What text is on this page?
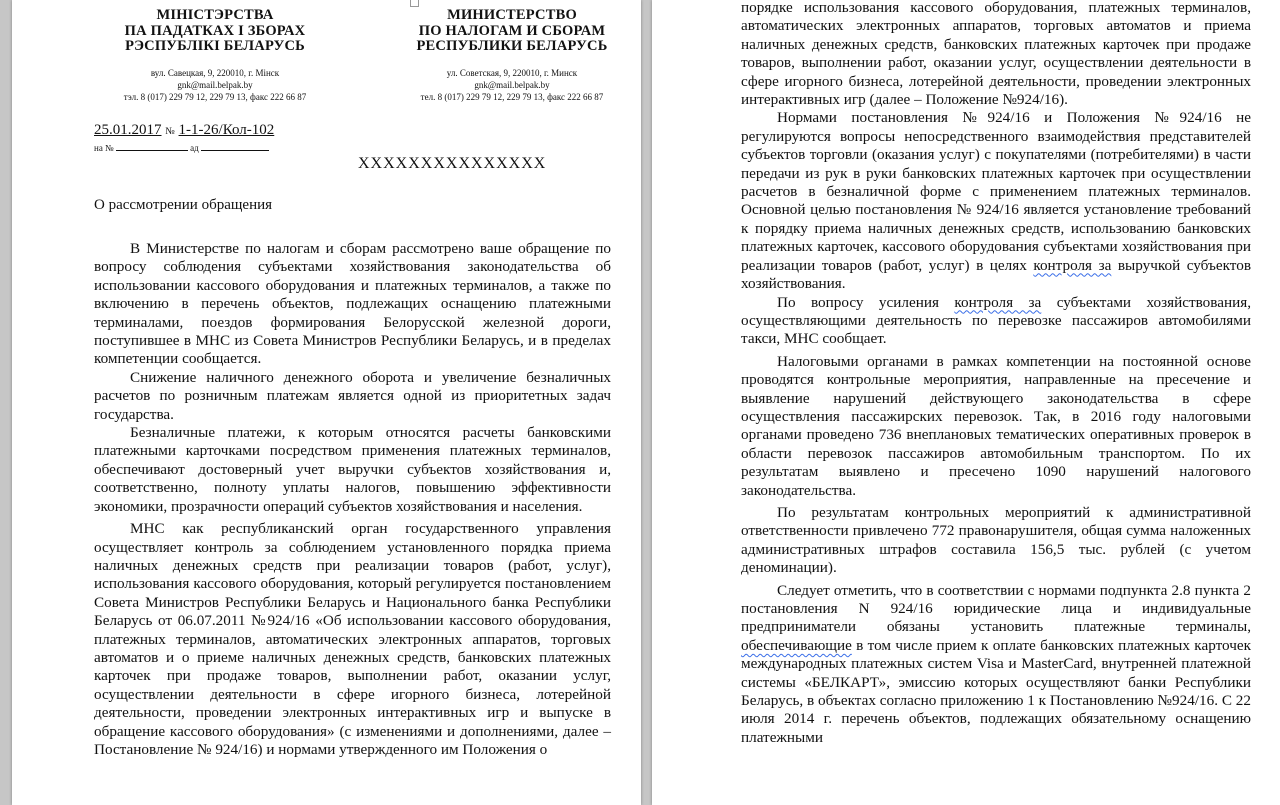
МІНІСТЭРСТВА
ПА ПАДАТКАХ І ЗБОРАХ
РЭСПУБЛІКІ БЕЛАРУСЬ
вул. Савецкая, 9, 220010, г. Мінск
gnk@mail.belpak.by
тэл. 8 (017) 229 79 12, 229 79 13, факс 222 66 87
МИНИСТЕРСТВО
ПО НАЛОГАМ И СБОРАМ
РЕСПУБЛИКИ БЕЛАРУСЬ
ул. Советская, 9, 220010, г. Минск
gnk@mail.belpak.by
тел. 8 (017) 229 79 12, 229 79 13, факс 222 66 87
25.01.2017 № 1-1-26/Кол-102
на №	ад
ХХХХХХХХХХХХХХХ
О рассмотрении обращения

В Министерстве по налогам и сборам рассмотрено ваше обращение по вопросу соблюдения субъектами хозяйствования законодательства об использовании кассового оборудования и платежных терминалов, а также по включению в перечень объектов, подлежащих оснащению платежными терминалами, поездов формирования Белорусской железной дороги, поступившее в МНС из Совета Министров Республики Беларусь, и в пределах компетенции сообщается.

Снижение наличного денежного оборота и увеличение безналичных расчетов по розничным платежам является одной из приоритетных задач государства.

Безналичные платежи, к которым относятся расчеты банковскими платежными карточками посредством применения платежных терминалов, обеспечивают достоверный учет выручки субъектов хозяйствования и, соответственно, полноту уплаты налогов, повышению эффективности экономики, прозрачности операций субъектов хозяйствования и населения.

МНС как республиканский орган государственного управления осуществляет контроль за соблюдением установленного порядка приема наличных денежных средств при реализации товаров (работ, услуг), использования кассового оборудования, который регулируется постановлением Совета Министров Республики Беларусь и Национального банка Республики Беларусь от 06.07.2011 №924/16 «Об использовании кассового оборудования, платежных терминалов, автоматических электронных аппаратов, торговых автоматов и о приеме наличных денежных средств, банковских платежных карточек при продаже товаров, выполнении работ, оказании услуг, осуществлении деятельности в сфере игорного бизнеса, лотерейной деятельности, проведении электронных интерактивных игр и выпуске в обращение кассового оборудования» (с изменениями и дополнениями, далее – Постановление № 924/16) и нормами утвержденного им Положения о

порядке использования кассового оборудования, платежных терминалов, автоматических электронных аппаратов, торговых автоматов и приема наличных денежных средств, банковских платежных карточек при продаже товаров, выполнении работ, оказании услуг, осуществлении деятельности в сфере игорного бизнеса, лотерейной деятельности, проведении электронных интерактивных игр (далее – Положение №924/16).

Нормами постановления №924/16 и Положения №924/16 не регулируются вопросы непосредственного взаимодействия представителей субъектов торговли (оказания услуг) с покупателями (потребителями) в части передачи из рук в руки банковских платежных карточек при осуществлении расчетов в безналичной форме с применением платежных терминалов. Основной целью постановления № 924/16 является установление требований к порядку приема наличных денежных средств, использованию банковских платежных карточек, кассового оборудования субъектами хозяйствования при реализации товаров (работ, услуг) в целях контроля за выручкой субъектов хозяйствования.

По вопросу усиления контроля за субъектами хозяйствования, осуществляющими деятельность по перевозке пассажиров автомобилями такси, МНС сообщает.

Налоговыми органами в рамках компетенции на постоянной основе проводятся контрольные мероприятия, направленные на пресечение и выявление нарушений действующего законодательства в сфере осуществления пассажирских перевозок. Так, в 2016 году налоговыми органами проведено 736 внеплановых тематических оперативных проверок в области перевозок пассажиров автомобильным транспортом. По их результатам выявлено и пресечено 1090 нарушений налогового законодательства.

По результатам контрольных мероприятий к административной ответственности привлечено 772 правонарушителя, общая сумма наложенных административных штрафов составила 156,5 тыс. рублей (с учетом деноминации).

Следует отметить, что в соответствии с нормами подпункта 2.8 пункта 2 постановления N 924/16 юридические лица и индивидуальные предприниматели обязаны установить платежные терминалы, обеспечивающие в том числе прием к оплате банковских платежных карточек международных платежных систем Visa и MasterCard, внутренней платежной системы «БЕЛКАРТ», эмиссию которых осуществляют банки Республики Беларусь, в объектах согласно приложению 1 к Постановлению №924/16. С 22 июля 2014 г. перечень объектов, подлежащих обязательному оснащению платежными
